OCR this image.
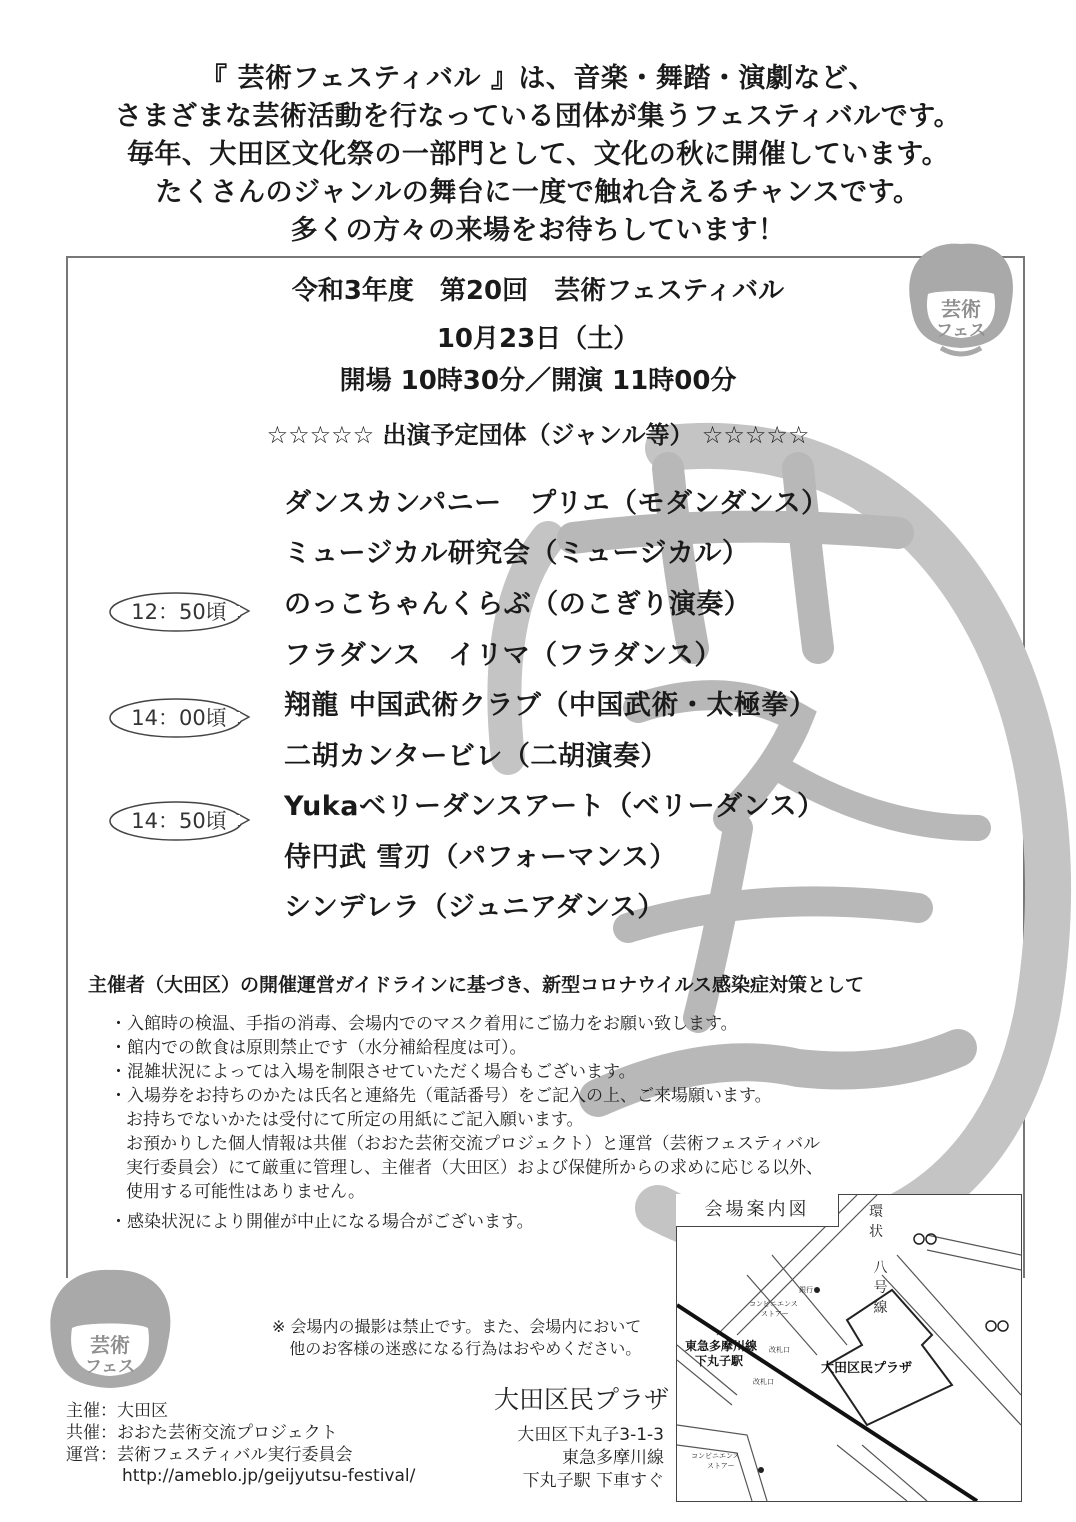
『 芸術フェスティバル 』は、音楽・舞踏・演劇など、
さまざまな芸術活動を行なっている団体が集うフェスティバルです。
毎年、大田区文化祭の一部門として、文化の秋に開催しています。
たくさんのジャンルの舞台に一度で触れ合えるチャンスです。
多くの方々の来場をお待ちしています！
芸術
フェス
令和3年度　第20回　芸術フェスティバル
10月23日（土）
開場 10時30分／開演 11時00分
☆☆☆☆☆ 出演予定団体（ジャンル等） ☆☆☆☆☆
ダンスカンパニー　プリエ（モダンダンス）
ミュージカル研究会（ミュージカル）
のっこちゃんくらぶ（のこぎり演奏）
フラダンス　イリマ（フラダンス）
翔龍 中国武術クラブ（中国武術・太極拳）
二胡カンタービレ（二胡演奏）
Yukaベリーダンスアート（ベリーダンス）
侍円武 雪刃（パフォーマンス）
シンデレラ（ジュニアダンス）
12：50頃
14：00頃
14：50頃
主催者（大田区）の開催運営ガイドラインに基づき、新型コロナウイルス感染症対策として
・入館時の検温、手指の消毒、会場内でのマスク着用にご協力をお願い致します。
・館内での飲食は原則禁止です（水分補給程度は可）。
・混雑状況によっては入場を制限させていただく場合もございます。
・入場券をお持ちのかたは氏名と連絡先（電話番号）をご記入の上、ご来場願います。
お持ちでないかたは受付にて所定の用紙にご記入願います。
お預かりした個人情報は共催（おおた芸術交流プロジェクト）と運営（芸術フェスティバル
実行委員会）にて厳重に管理し、主催者（大田区）および保健所からの求めに応じる以外、
使用する可能性はありません。
・感染状況により開催が中止になる場合がございます。
芸術
フェス
※ 会場内の撮影は禁止です。また、会場内において
他のお客様の迷惑になる行為はおやめください。
主催：大田区
共催：おおた芸術交流プロジェクト
運営：芸術フェスティバル実行委員会
http://ameblo.jp/geijyutsu-festival/
大田区民プラザ
大田区下丸子3-1-3
東急多摩川線
下丸子駅 下車すぐ
環
状

八
号
線
銀行
コンビニエンス
ストアー
東急多摩川線
下丸子駅
改札口
改札口
大田区民プラザ
コンビニエンス
ストアー
会場案内図
